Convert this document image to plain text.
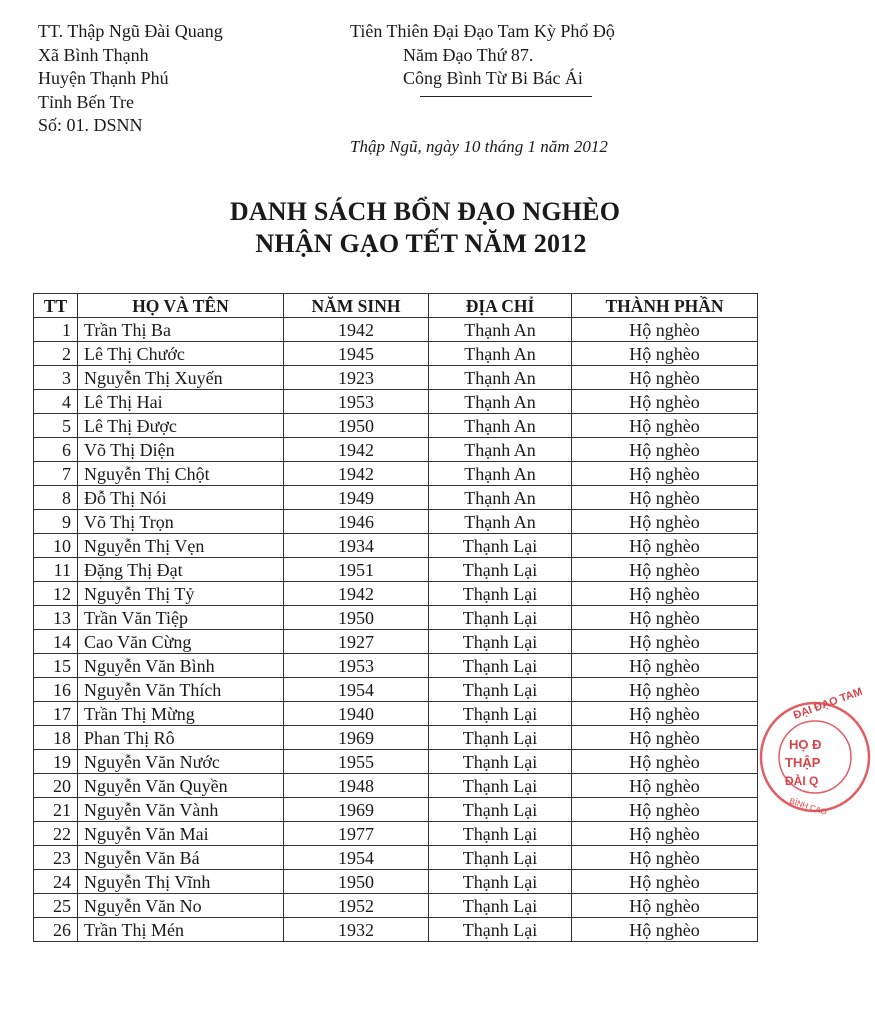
TT. Thập Ngũ Đài Quang
Xã Bình Thạnh
Huyện Thạnh Phú
Tỉnh Bến Tre
Số: 01. DSNN
Tiên Thiên Đại Đạo Tam Kỳ Phổ Độ
Năm Đạo Thứ 87.
Công Bình Từ Bi Bác Ái
Thập Ngũ, ngày 10 tháng 1 năm 2012
DANH SÁCH BỔN ĐẠO NGHÈO
NHẬN GẠO TẾT NĂM 2012
TT	HỌ VÀ TÊN	NĂM SINH	ĐỊA CHỈ	THÀNH PHẦN
1	Trần Thị Ba	1942	Thạnh An	Hộ nghèo
2	Lê Thị Chước	1945	Thạnh An	Hộ nghèo
3	Nguyễn Thị Xuyến	1923	Thạnh An	Hộ nghèo
4	Lê Thị Hai	1953	Thạnh An	Hộ nghèo
5	Lê Thị Được	1950	Thạnh An	Hộ nghèo
6	Võ Thị Diện	1942	Thạnh An	Hộ nghèo
7	Nguyễn Thị Chột	1942	Thạnh An	Hộ nghèo
8	Đỗ Thị Nói	1949	Thạnh An	Hộ nghèo
9	Võ Thị Trọn	1946	Thạnh An	Hộ nghèo
10	Nguyễn Thị Vẹn	1934	Thạnh Lại	Hộ nghèo
11	Đặng Thị Đạt	1951	Thạnh Lại	Hộ nghèo
12	Nguyễn Thị Tỷ	1942	Thạnh Lại	Hộ nghèo
13	Trần Văn Tiệp	1950	Thạnh Lại	Hộ nghèo
14	Cao Văn Cừng	1927	Thạnh Lại	Hộ nghèo
15	Nguyễn Văn Bình	1953	Thạnh Lại	Hộ nghèo
16	Nguyễn Văn Thích	1954	Thạnh Lại	Hộ nghèo
17	Trần Thị Mừng	1940	Thạnh Lại	Hộ nghèo
18	Phan Thị Rô	1969	Thạnh Lại	Hộ nghèo
19	Nguyễn Văn Nước	1955	Thạnh Lại	Hộ nghèo
20	Nguyễn Văn Quyền	1948	Thạnh Lại	Hộ nghèo
21	Nguyễn Văn Vành	1969	Thạnh Lại	Hộ nghèo
22	Nguyễn Văn Mai	1977	Thạnh Lại	Hộ nghèo
23	Nguyễn Văn Bá	1954	Thạnh Lại	Hộ nghèo
24	Nguyễn Thị Vĩnh	1950	Thạnh Lại	Hộ nghèo
25	Nguyễn Văn No	1952	Thạnh Lại	Hộ nghèo
26	Trần Thị Mén	1932	Thạnh Lại	Hộ nghèo
ĐẠI ĐẠO TAM
HỌ Đ
THẬP
ĐÀI Q
BÌNH CAO
